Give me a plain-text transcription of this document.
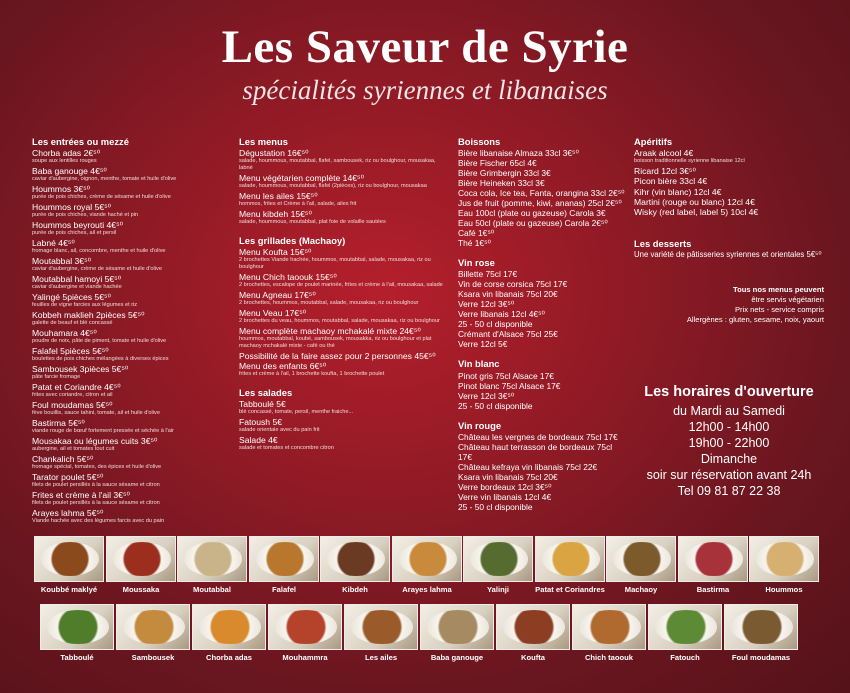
Les Saveur de Syrie
spécialités syriennes et libanaises
Les entrées ou mezzé
Chorba adas 2€⁵⁰
soupe aux lentilles rouges
Baba ganouge 4€⁵⁰
caviar d'aubergine, oignon, menthe, tomate et huile d'olive
Hoummos 3€⁵⁰
purée de pois chiches, crème de sésame et huile d'olive
Hoummos royal 5€⁵⁰
purée de pois chiches, viande haché et pin
Hoummos beyrouti 4€⁵⁰
purée de pois chiches, ail et persil
Labné 4€⁵⁰
fromage blanc, ail, concombre, menthe et huile d'olive
Moutabbal 3€⁵⁰
caviar d'aubergine, crème de sésame et huile d'olive
Moutabbal hamoyi 5€⁵⁰
caviar d'aubergine et viande hachée
Yalingé 5pièces 5€⁵⁰
feuilles de vigne farcies aux légumes et riz
Kobbeh maklieh 2pièces 5€⁵⁰
galette de beauf et blé concassé
Mouhamara 4€⁵⁰
poudre de noix, pâte de piment, tomate et huile d'olive
Falafel 5pièces 5€⁵⁰
boulettes de pois chiches mélangées à diverses épices
Sambousek 3pièces 5€⁵⁰
pâte farcie fromage
Patat et Coriandre 4€⁵⁰
frites avec coriandre, citron et ail
Foul moudamas 5€⁵⁰
fève bouillis, sauce tahini, tomate, ail et huile d'olive
Bastirma 5€⁵⁰
viande rouge de bœuf fortement pressée et séchée à l'air
Mousakaa ou légumes cuits 3€⁵⁰
aubergine, ail et tomates tout cuit
Chankalich 5€⁵⁰
fromage spécial, tomates, des épices et huile d'olive
Tarator poulet 5€⁵⁰
filets de poulet persillés à la sauce sésame et citron
Frites et crème à l'ail 3€⁵⁰
filets de poulet persillés à la sauce sésame et citron
Arayes lahma 5€⁵⁰
Viande hachée avec des légumes farcis avec du pain
Les menus
Dégustation 16€⁵⁰
salade, hoummous, moutabbal, flafel, sambousek, riz ou boulghour, mousakaa, labné
Menu végétarien complète 14€⁵⁰
salade, hoummous, moutabbal, flafel (2pièces), riz ou boulghour, mousakaa
Menu les ailes 15€⁵⁰
hommos, frites et Crème à l'ail, salade, ailes frit
Menu kibdeh 15€⁵⁰
salade, hoummous, moutabbal, plat foie de volaille sautées
Les grillades (Machaoy)
Menu Koufta 15€⁵⁰
2 brochettes Viande hachée, hoummos, moutabbal, salade, mousakaa, riz ou boulghour
Menu Chich taoouk 15€⁵⁰
2 brochettes, escalope de poulet marinée, frites et crème à l'ail, mousakaa, salade
Menu Agneau 17€⁵⁰
2 brochettes, hoummos, moutabbal, salade, mousakaa, riz ou boulghour
Menu Veau 17€⁵⁰
2 brochettes du veau, hoummos, moutabbal, salade, mousakaa, riz ou boulghour
Menu complète machaoy mchakalé mixte 24€⁵⁰
hoummos, moutabbal, koubé, sambousek, mousakka, riz ou boulghour et plat machaoy mchakalé mixte - café ou thé
Possibilité de la faire assez pour 2 personnes 45€⁵⁰
Menu des enfants 6€⁵⁰
frites et crème à l'ail, 1 brochette koufta, 1 brochette poulet
Les salades
Tabboulé 5€
blé concassé, tomate, persil, menthe fraiche...
Fatoush 5€
salade orientale avec du pain frit
Salade 4€
salade et tomates et concombre citron
Boissons
Bière libanaise Almaza 33cl 3€⁵⁰
Bière Fischer 65cl 4€
Bière Grimbergin 33cl 3€
Bière Heineken 33cl 3€
Coca cola, Ice tea, Fanta, orangina 33cl 2€⁵⁰
Jus de fruit (pomme, kiwi, ananas) 25cl 2€⁵⁰
Eau 100cl (plate ou gazeuse) Carola 3€
Eau 50cl (plate ou gazeuse) Carola 2€⁵⁰
Café 1€⁵⁰
Thé 1€⁵⁰
Vin rose
Billette 75cl 17€
Vin de corse corsica 75cl 17€
Ksara vin libanais 75cl 20€
Verre 12cl 3€⁵⁰
Verre libanais 12cl 4€⁵⁰
25 - 50 cl disponible
Crémant d'Alsace 75cl 25€
Verre 12cl 5€
Vin blanc
Pinot gris 75cl Alsace 17€
Pinot blanc 75cl Alsace 17€
Verre 12cl 3€⁵⁰
25 - 50 cl disponible
Vin rouge
Château les vergnes de bordeaux 75cl 17€
Château haut terrasson de bordeaux 75cl 17€
Château kefraya vin libanais 75cl 22€
Ksara vin libanais 75cl 20€
Verre bordeaux 12cl 3€⁵⁰
Verre vin libanais 12cl 4€
25 - 50 cl disponible
Apéritifs
Araak alcool 4€
boisson traditionnelle syrienne libanaise 12cl
Ricard 12cl 3€⁵⁰
Picon bière 33cl 4€
Kihr (vin blanc) 12cl 4€
Martini (rouge ou blanc) 12cl 4€
Wisky (red label, label 5) 10cl 4€
Les desserts
Une variété de pâtisseries syriennes et orientales 5€⁵⁰
Tous nos menus peuvent
être servis végétarien
Prix nets - service compris
Allergènes : gluten, sesame, noix, yaourt
Les horaires d'ouverture
du Mardi au Samedi
12h00 - 14h00
19h00 - 22h00
Dimanche
soir sur réservation avant 24h
Tel 09 81 87 22 38
Koubbé maklyé	Moussaka	Moutabbal	Falafel	Kibdeh	Arayes lahma	Yalinji	Patat et Coriandres	Machaoy	Bastirma	Hoummos
Tabboulé	Sambousek	Chorba adas	Mouhammra	Les ailes	Baba ganouge	Koufta	Chich taoouk	Fatouch	Foul moudamas
